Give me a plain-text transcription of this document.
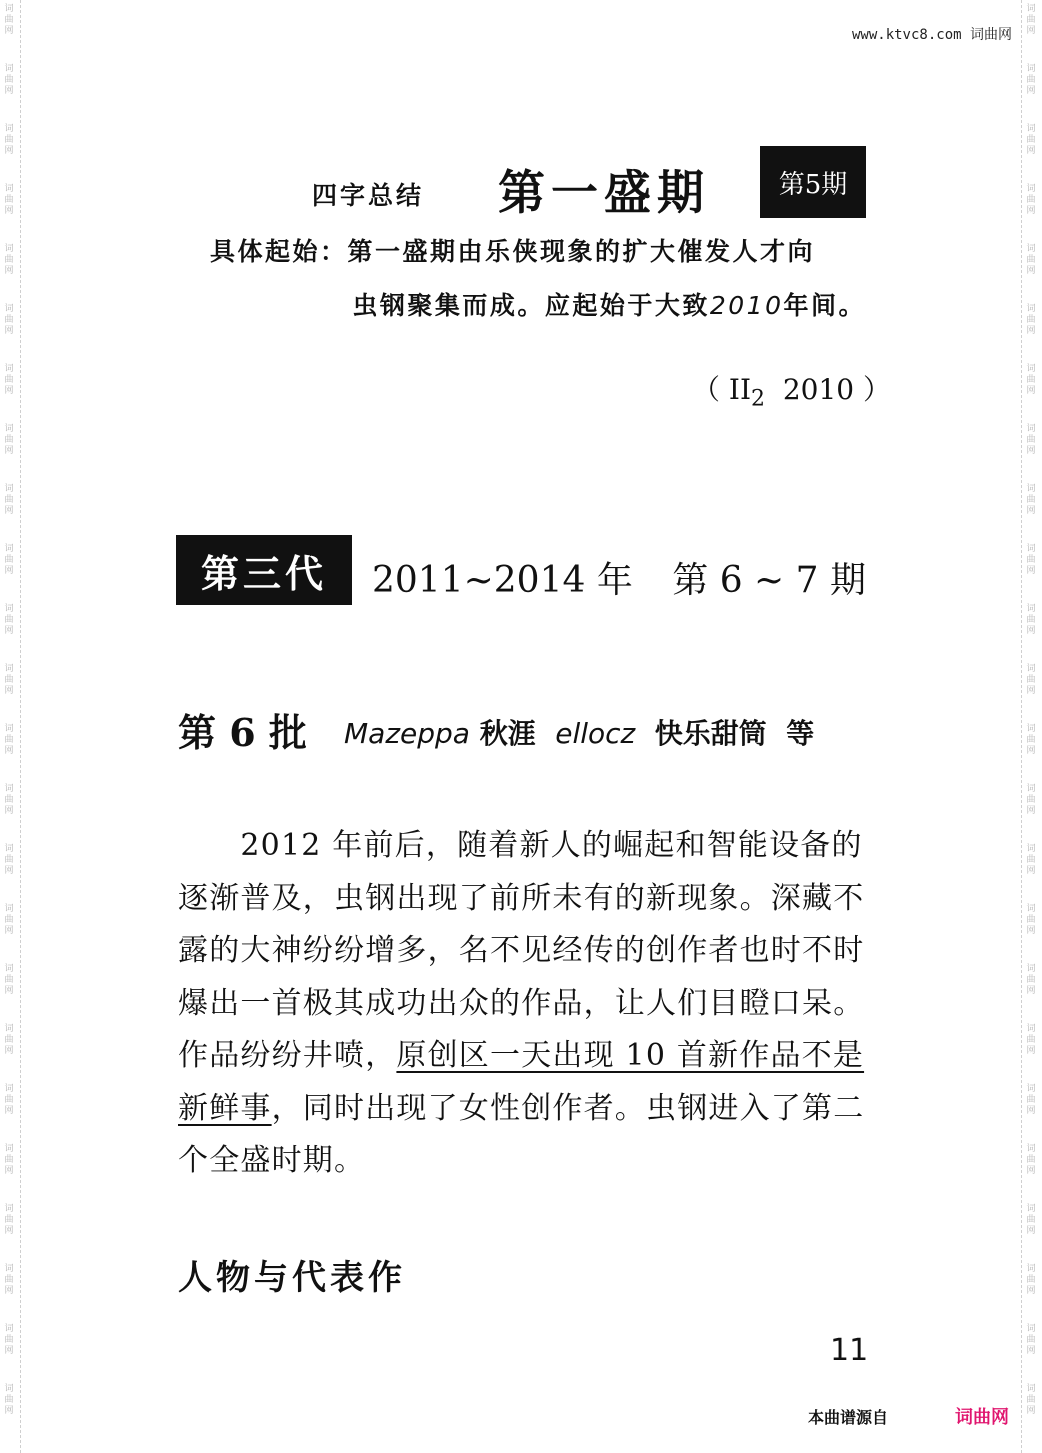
词
曲
网
词
曲
网
词
曲
网
词
曲
网
词
曲
网
词
曲
网
词
曲
网
词
曲
网
词
曲
网
词
曲
网
词
曲
网
词
曲
网
词
曲
网
词
曲
网
词
曲
网
词
曲
网
词
曲
网
词
曲
网
词
曲
网
词
曲
网
词
曲
网
词
曲
网
词
曲
网
词
曲
网
词
曲
网
词
曲
网
词
曲
网
词
曲
网
词
曲
网
词
曲
网
词
曲
网
词
曲
网
词
曲
网
词
曲
网
词
曲
网
词
曲
网
词
曲
网
词
曲
网
词
曲
网
词
曲
网
词
曲
网
词
曲
网
词
曲
网
词
曲
网
词
曲
网
词
曲
网
词
曲
网
词
曲
网
www.ktvc8.com 词曲网
四字总结 第一盛期	第5期
具体起始：第一盛期由乐侠现象的扩大催发人才向
虫钢聚集而成。应起始于大致2010年间。
（ $II_2$ 2010 ）
第三代	2011~2014 年 第 6 ~ 7 期
第 6 批 Mazeppa 秋涯 ellocz 快乐甜筒 等

　　2012 年前后，随着新人的崛起和智能设备的逐渐普及，虫钢出现了前所未有的新现象。深藏不露的大神纷纷增多，名不见经传的创作者也时不时爆出一首极其成功出众的作品，让人们目瞪口呆。作品纷纷井喷，原创区一天出现 10 首新作品不是新鲜事，同时出现了女性创作者。虫钢进入了第二个全盛时期。

人物与代表作
11
本曲谱源自	词曲网
